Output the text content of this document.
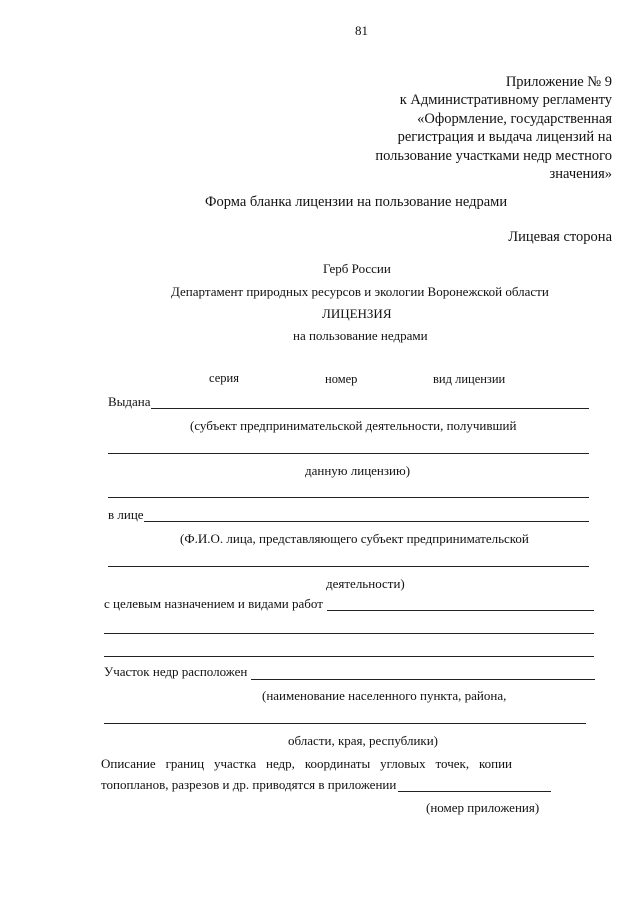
81
Приложение № 9
к Административному регламенту
«Оформление, государственная
регистрация и выдача лицензий на
пользование участками недр местного
значения»
Форма бланка лицензии на пользование недрами
Лицевая сторона
Герб России
Департамент природных ресурсов и экологии Воронежской области
ЛИЦЕНЗИЯ
на пользование недрами
серия	номер	вид лицензии
Выдана
(субъект предпринимательской деятельности, получивший
данную лицензию)
в лице
(Ф.И.О. лица, представляющего субъект предпринимательской
деятельности)
с целевым назначением и видами работ
Участок недр расположен
(наименование населенного пункта, района,
области, края, республики)
Описание границ участка недр, координаты угловых точек, копии
топопланов, разрезов и др. приводятся в приложении
(номер приложения)
